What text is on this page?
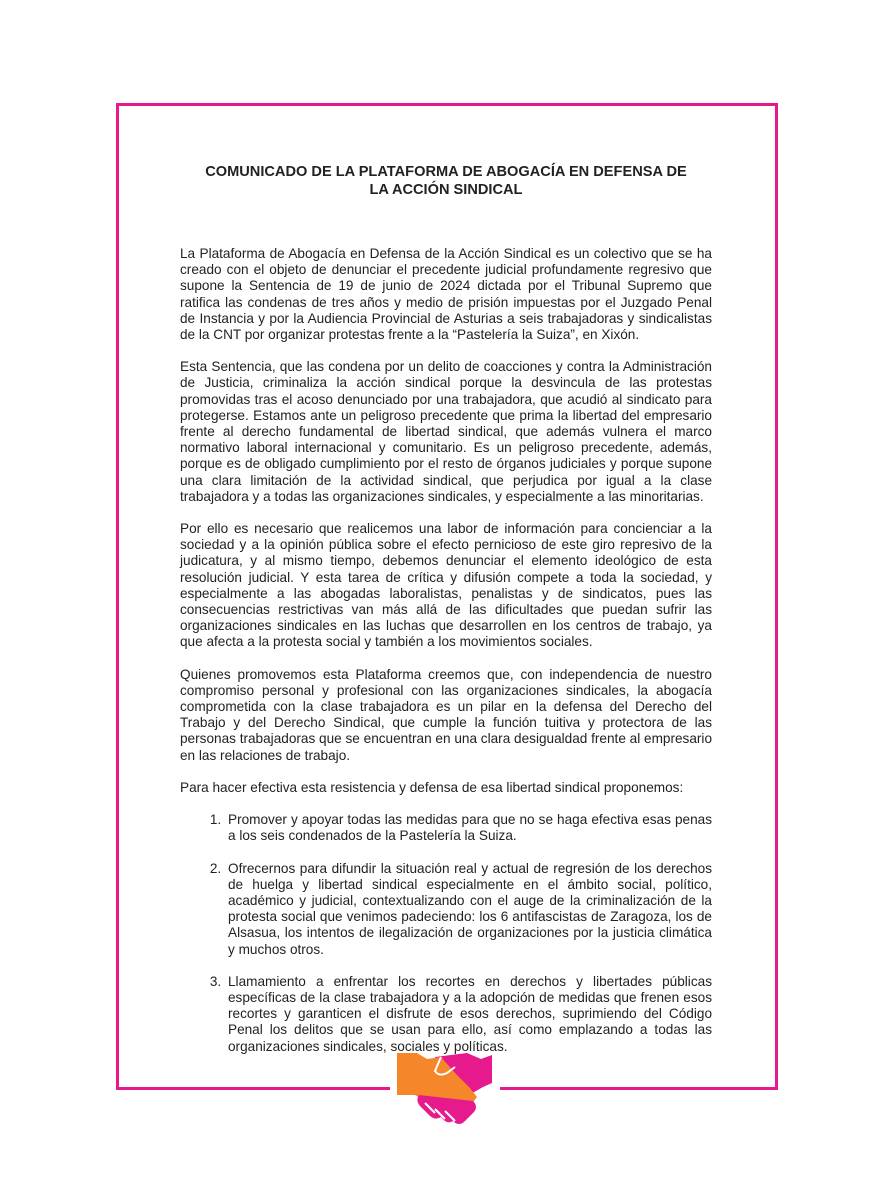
COMUNICADO DE LA PLATAFORMA DE ABOGACÍA EN DEFENSA DE
LA ACCIÓN SINDICAL

La Plataforma de Abogacía en Defensa de la Acción Sindical es un colectivo que se ha creado con el objeto de denunciar el precedente judicial profundamente regresivo que supone la Sentencia de 19 de junio de 2024 dictada por el Tribunal Supremo que ratifica las condenas de tres años y medio de prisión impuestas por el Juzgado Penal de Instancia y por la Audiencia Provincial de Asturias a seis trabajadoras y sindicalistas de la CNT por organizar protestas frente a la “Pastelería la Suiza”, en Xixón.

Esta Sentencia, que las condena por un delito de coacciones y contra la Administración de Justicia, criminaliza la acción sindical porque la desvincula de las protestas promovidas tras el acoso denunciado por una trabajadora, que acudió al sindicato para protegerse. Estamos ante un peligroso precedente que prima la libertad del empresario frente al derecho fundamental de libertad sindical, que además vulnera el marco normativo laboral internacional y comunitario. Es un peligroso precedente, además, porque es de obligado cumplimiento por el resto de órganos judiciales y porque supone una clara limitación de la actividad sindical, que perjudica por igual a la clase trabajadora y a todas las organizaciones sindicales, y especialmente a las minoritarias.

Por ello es necesario que realicemos una labor de información para concienciar a la sociedad y a la opinión pública sobre el efecto pernicioso de este giro represivo de la judicatura, y al mismo tiempo, debemos denunciar el elemento ideológico de esta resolución judicial. Y esta tarea de crítica y difusión compete a toda la sociedad, y especialmente a las abogadas laboralistas, penalistas y de sindicatos, pues las consecuencias restrictivas van más allá de las dificultades que puedan sufrir las organizaciones sindicales en las luchas que desarrollen en los centros de trabajo, ya que afecta a la protesta social y también a los movimientos sociales.

Quienes promovemos esta Plataforma creemos que, con independencia de nuestro compromiso personal y profesional con las organizaciones sindicales, la abogacía comprometida con la clase trabajadora es un pilar en la defensa del Derecho del Trabajo y del Derecho Sindical, que cumple la función tuitiva y protectora de las personas trabajadoras que se encuentran en una clara desigualdad frente al empresario en las relaciones de trabajo.

Para hacer efectiva esta resistencia y defensa de esa libertad sindical proponemos:

1. Promover y apoyar todas las medidas para que no se haga efectiva esas penas a los seis condenados de la Pastelería la Suiza.
2. Ofrecernos para difundir la situación real y actual de regresión de los derechos de huelga y libertad sindical especialmente en el ámbito social, político, académico y judicial, contextualizando con el auge de la criminalización de la protesta social que venimos padeciendo: los 6 antifascistas de Zaragoza, los de Alsasua, los intentos de ilegalización de organizaciones por la justicia climática y muchos otros.
3. Llamamiento a enfrentar los recortes en derechos y libertades públicas específicas de la clase trabajadora y a la adopción de medidas que frenen esos recortes y garanticen el disfrute de esos derechos, suprimiendo del Código Penal los delitos que se usan para ello, así como emplazando a todas las organizaciones sindicales, sociales y políticas.
